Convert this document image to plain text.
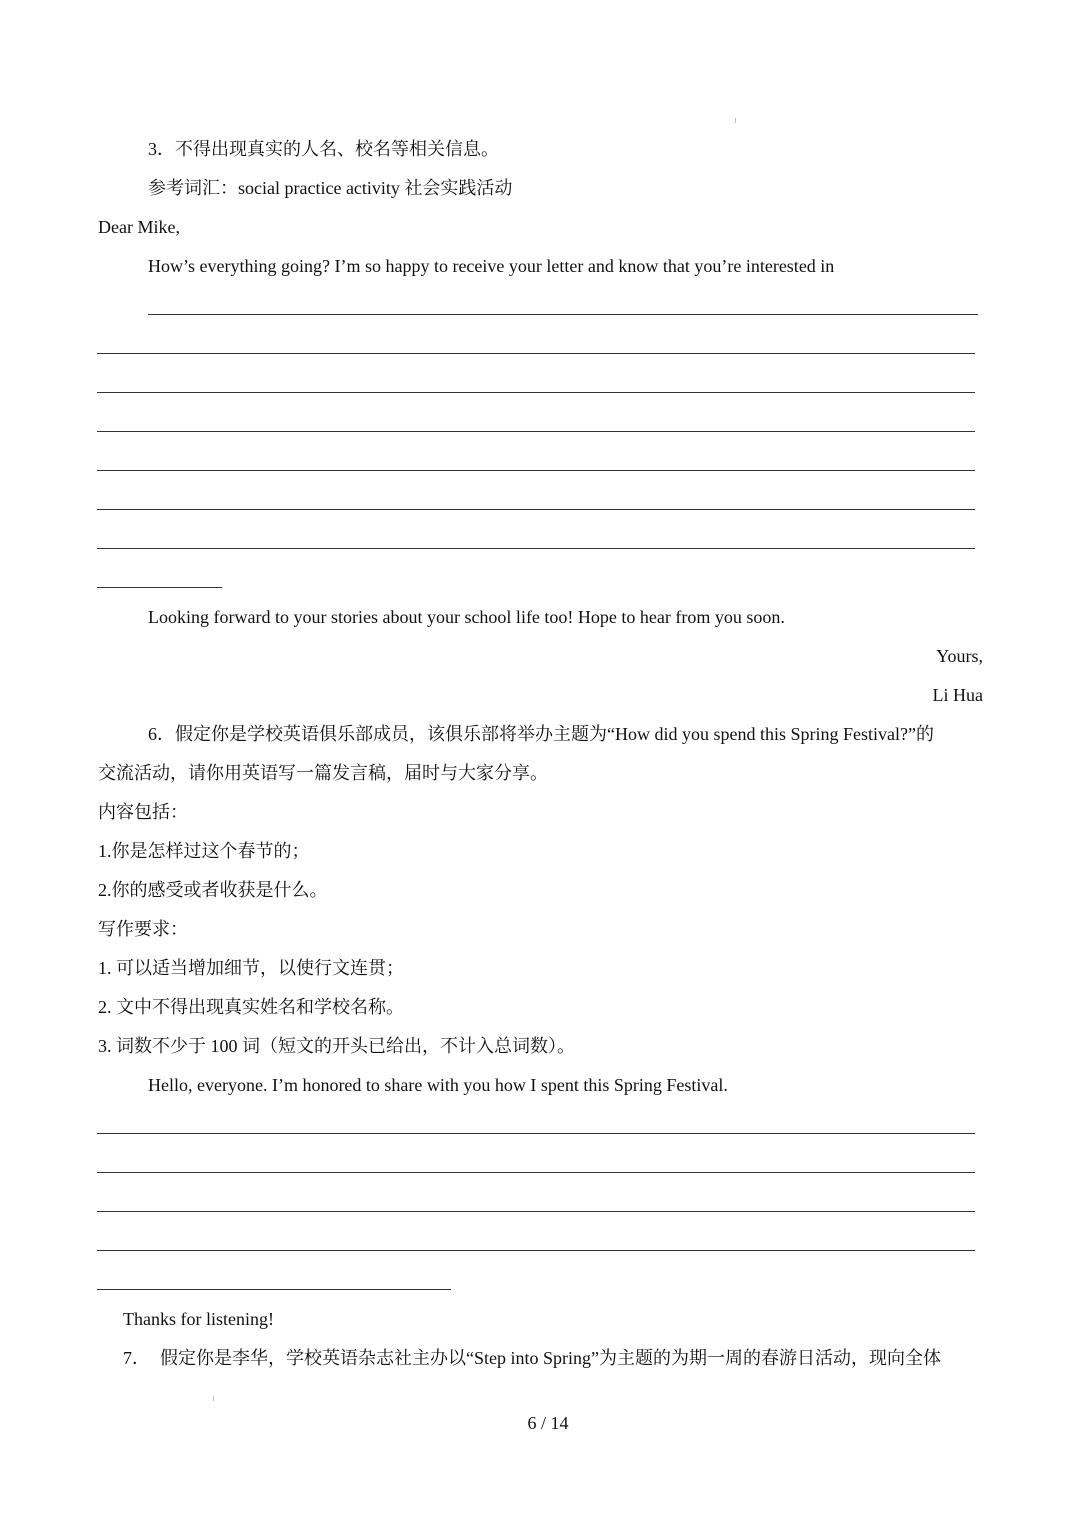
3．不得出现真实的人名、校名等相关信息。
参考词汇：social practice activity 社会实践活动
Dear Mike,
How’s everything going? I’m so happy to receive your letter and know that you’re interested in
Looking forward to your stories about your school life too! Hope to hear from you soon.
Yours,
Li Hua
6．假定你是学校英语俱乐部成员，该俱乐部将举办主题为“How did you spend this Spring Festival?”的
交流活动，请你用英语写一篇发言稿，届时与大家分享。
内容包括：
1.你是怎样过这个春节的；
2.你的感受或者收获是什么。
写作要求：
1. 可以适当增加细节，以使行文连贯；
2. 文中不得出现真实姓名和学校名称。
3. 词数不少于 100 词（短文的开头已给出，不计入总词数）。
Hello, everyone. I’m honored to share with you how I spent this Spring Festival.
Thanks for listening!
7． 假定你是李华，学校英语杂志社主办以“Step into Spring”为主题的为期一周的春游日活动，现向全体
6 / 14
